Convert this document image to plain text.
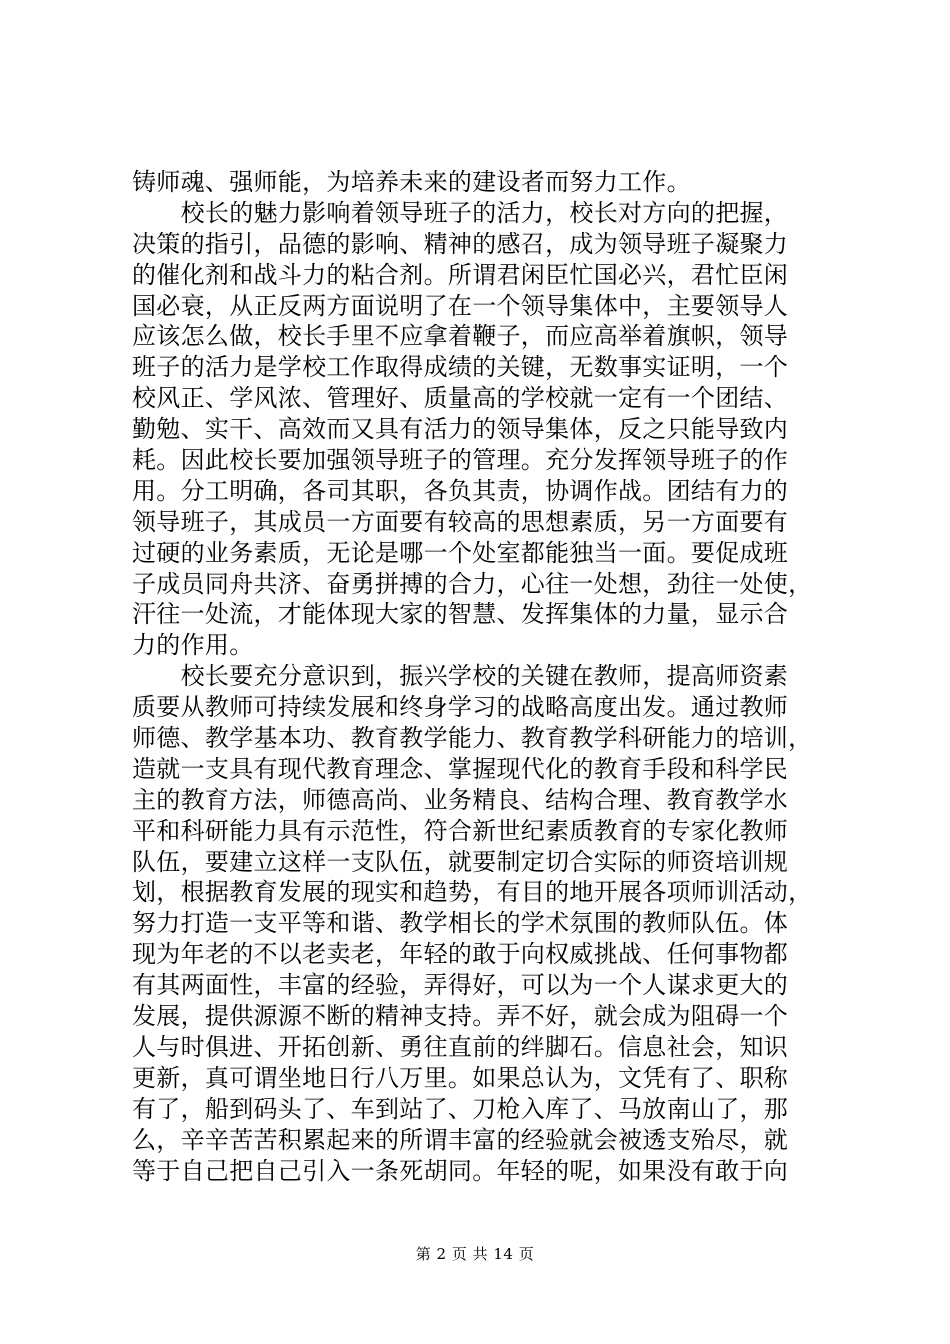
铸师魂、强师能，为培养未来的建设者而努力工作。
　　校长的魅力影响着领导班子的活力，校长对方向的把握，
决策的指引，品德的影响、精神的感召，成为领导班子凝聚力
的催化剂和战斗力的粘合剂。所谓君闲臣忙国必兴，君忙臣闲
国必衰，从正反两方面说明了在一个领导集体中，主要领导人
应该怎么做，校长手里不应拿着鞭子，而应高举着旗帜，领导
班子的活力是学校工作取得成绩的关键，无数事实证明，一个
校风正、学风浓、管理好、质量高的学校就一定有一个团结、
勤勉、实干、高效而又具有活力的领导集体，反之只能导致内
耗。因此校长要加强领导班子的管理。充分发挥领导班子的作
用。分工明确，各司其职，各负其责，协调作战。团结有力的
领导班子，其成员一方面要有较高的思想素质，另一方面要有
过硬的业务素质，无论是哪一个处室都能独当一面。要促成班
子成员同舟共济、奋勇拼搏的合力，心往一处想，劲往一处使，
汗往一处流，才能体现大家的智慧、发挥集体的力量，显示合
力的作用。
　　校长要充分意识到，振兴学校的关键在教师，提高师资素
质要从教师可持续发展和终身学习的战略高度出发。通过教师
师德、教学基本功、教育教学能力、教育教学科研能力的培训，
造就一支具有现代教育理念、掌握现代化的教育手段和科学民
主的教育方法，师德高尚、业务精良、结构合理、教育教学水
平和科研能力具有示范性，符合新世纪素质教育的专家化教师
队伍，要建立这样一支队伍，就要制定切合实际的师资培训规
划，根据教育发展的现实和趋势，有目的地开展各项师训活动，
努力打造一支平等和谐、教学相长的学术氛围的教师队伍。体
现为年老的不以老卖老，年轻的敢于向权威挑战、任何事物都
有其两面性，丰富的经验，弄得好，可以为一个人谋求更大的
发展，提供源源不断的精神支持。弄不好，就会成为阻碍一个
人与时俱进、开拓创新、勇往直前的绊脚石。信息社会，知识
更新，真可谓坐地日行八万里。如果总认为，文凭有了、职称
有了，船到码头了、车到站了、刀枪入库了、马放南山了，那
么，辛辛苦苦积累起来的所谓丰富的经验就会被透支殆尽，就
等于自己把自己引入一条死胡同。年轻的呢，如果没有敢于向
第 2 页 共 14 页
